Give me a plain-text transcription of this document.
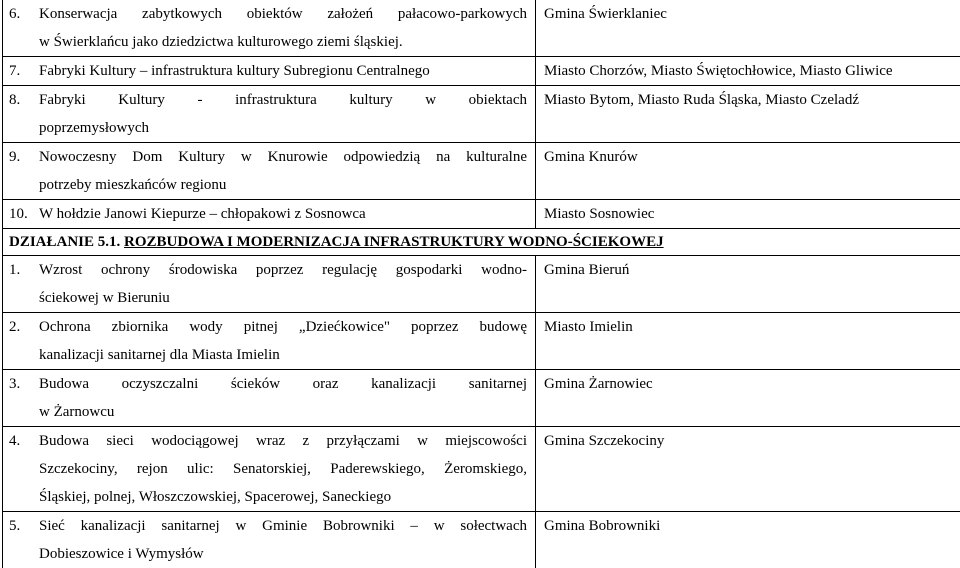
6. Konserwacja zabytkowych obiektów założeń pałacowo-parkowych
w Świerklańcu jako dziedzictwa kulturowego ziemi śląskiej.	Gmina Świerklaniec

7. Fabryki Kultury – infrastruktura kultury Subregionu Centralnego	Miasto Chorzów, Miasto Świętochłowice, Miasto Gliwice

8. Fabryki Kultury - infrastruktura kultury w obiektach
poprzemysłowych	Miasto Bytom, Miasto Ruda Śląska, Miasto Czeladź

9. Nowoczesny Dom Kultury w Knurowie odpowiedzią na kulturalne
potrzeby mieszkańców regionu	Gmina Knurów

10. W hołdzie Janowi Kiepurze – chłopakowi z Sosnowca	Miasto Sosnowiec
DZIAŁANIE 5.1. ROZBUDOWA I MODERNIZACJA INFRASTRUKTURY WODNO-ŚCIEKOWEJ	

1. Wzrost ochrony środowiska poprzez regulację gospodarki wodno-
ściekowej w Bieruniu	Gmina Bieruń

2. Ochrona zbiornika wody pitnej „Dziećkowice" poprzez budowę
kanalizacji sanitarnej dla Miasta Imielin	Miasto Imielin

3. Budowa oczyszczalni ścieków oraz kanalizacji sanitarnej
w Żarnowcu	Gmina Żarnowiec

4. Budowa sieci wodociągowej wraz z przyłączami w miejscowości
Szczekociny, rejon ulic: Senatorskiej, Paderewskiego, Żeromskiego,
Śląskiej, polnej, Włoszczowskiej, Spacerowej, Saneckiego	Gmina Szczekociny

5. Sieć kanalizacji sanitarnej w Gminie Bobrowniki – w sołectwach
Dobieszowice i Wymysłów	Gmina Bobrowniki
